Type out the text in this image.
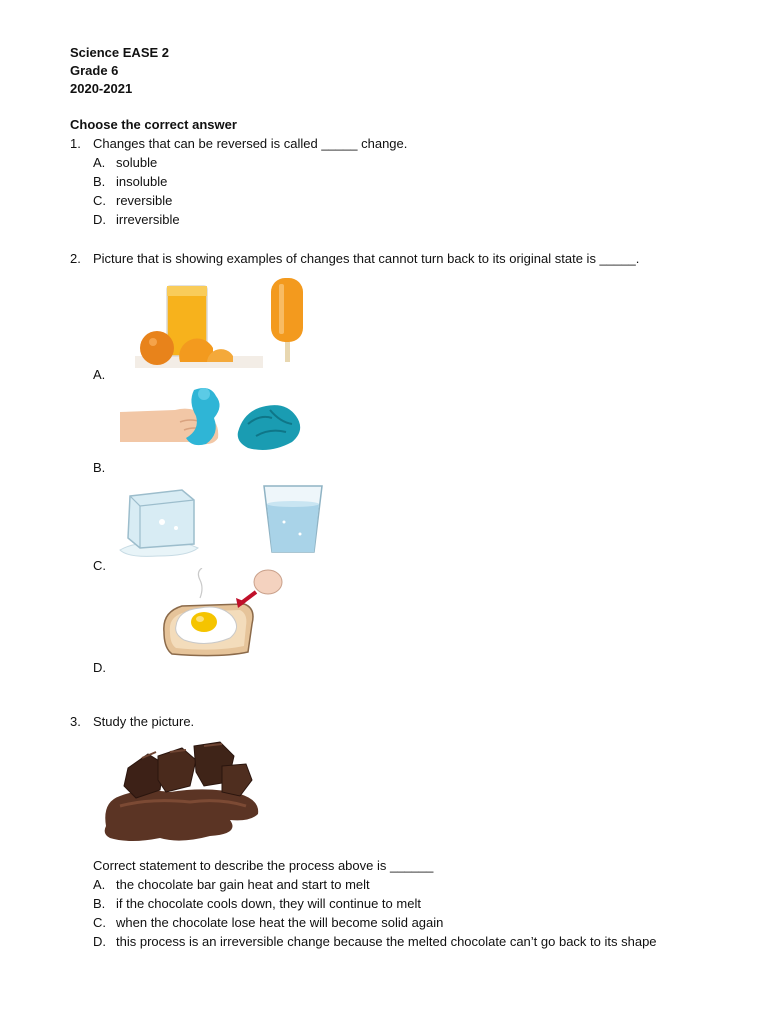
Science EASE 2
Grade 6
2020-2021
Choose the correct answer
1. Changes that can be reversed is called _____ change.
A. soluble
B. insoluble
C. reversible
D. irreversible
2. Picture that is showing examples of changes that cannot turn back to its original state is _____.
A.
B.
C.
D.
3. Study the picture.
Correct statement to describe the process above is ______
A. the chocolate bar gain heat and start to melt
B. if the chocolate cools down, they will continue to melt
C. when the chocolate lose heat the will become solid again
D. this process is an irreversible change because the melted chocolate can’t go back to its shape
